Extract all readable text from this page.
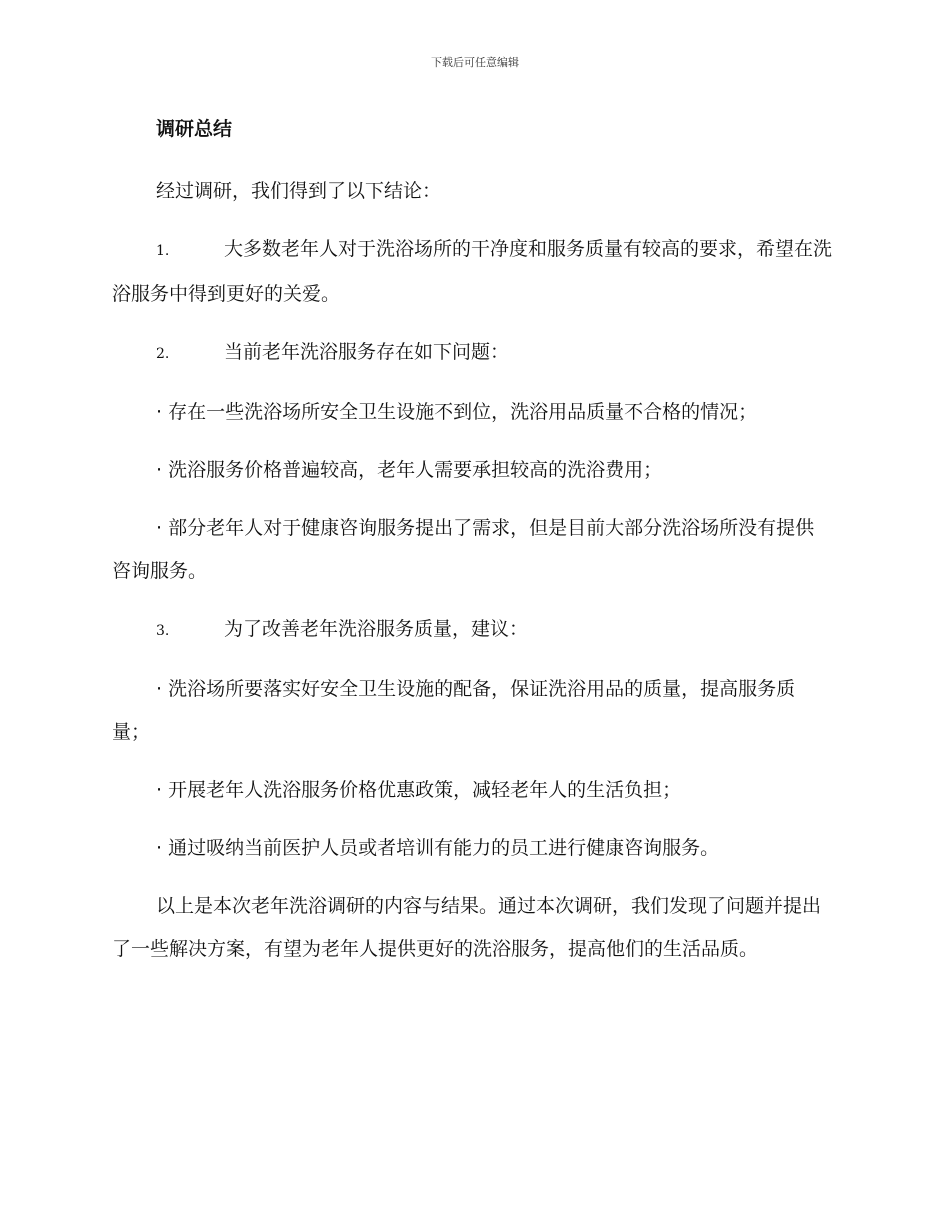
下载后可任意编辑
调研总结

经过调研，我们得到了以下结论：

1.	大多数老年人对于洗浴场所的干净度和服务质量有较高的要求，希望在洗浴服务中得到更好的关爱。

2.	当前老年洗浴服务存在如下问题：

· 存在一些洗浴场所安全卫生设施不到位，洗浴用品质量不合格的情况；

· 洗浴服务价格普遍较高，老年人需要承担较高的洗浴费用；

· 部分老年人对于健康咨询服务提出了需求，但是目前大部分洗浴场所没有提供咨询服务。

3.	为了改善老年洗浴服务质量，建议：

· 洗浴场所要落实好安全卫生设施的配备，保证洗浴用品的质量，提高服务质量；

· 开展老年人洗浴服务价格优惠政策，减轻老年人的生活负担；

· 通过吸纳当前医护人员或者培训有能力的员工进行健康咨询服务。

以上是本次老年洗浴调研的内容与结果。通过本次调研，我们发现了问题并提出了一些解决方案，有望为老年人提供更好的洗浴服务，提高他们的生活品质。
